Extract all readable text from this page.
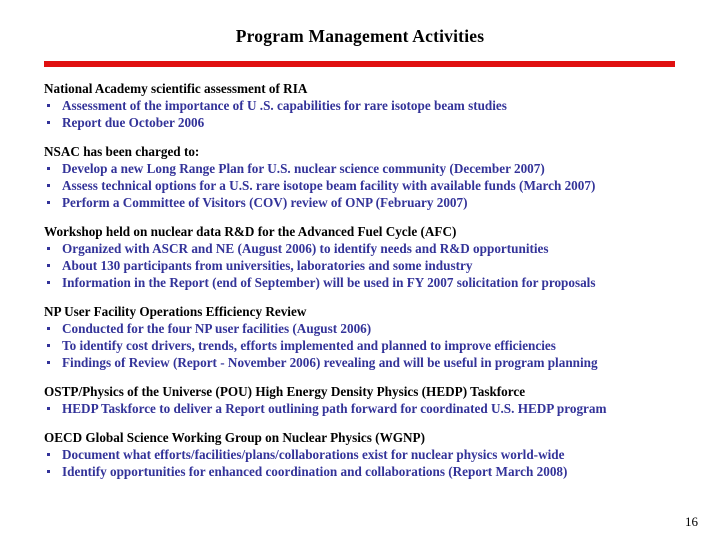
Program Management Activities
National Academy scientific assessment of RIA
Assessment of the importance of U .S. capabilities for rare isotope beam studies
Report due October 2006
NSAC has been charged to:
Develop a new Long Range Plan for U.S. nuclear science community (December 2007)
Assess technical options for a U.S. rare isotope beam facility with available funds (March 2007)
Perform a Committee of Visitors (COV) review of ONP (February 2007)
Workshop held on nuclear data R&D for the Advanced Fuel Cycle (AFC)
Organized with ASCR and NE (August 2006) to identify needs and R&D opportunities
About 130 participants from universities, laboratories and some industry
Information in the Report (end of September) will be used in FY 2007 solicitation for proposals
NP User Facility Operations Efficiency Review
Conducted for the four NP user facilities (August 2006)
To identify cost drivers, trends, efforts implemented and planned to improve efficiencies
Findings of Review (Report - November 2006) revealing and will be useful in program planning
OSTP/Physics of the Universe (POU) High Energy Density Physics (HEDP) Taskforce
HEDP Taskforce to deliver a Report outlining path forward for coordinated U.S. HEDP program
OECD Global Science Working Group on Nuclear Physics (WGNP)
Document what efforts/facilities/plans/collaborations exist for nuclear physics world-wide
Identify opportunities for enhanced coordination and collaborations (Report March 2008)
16
